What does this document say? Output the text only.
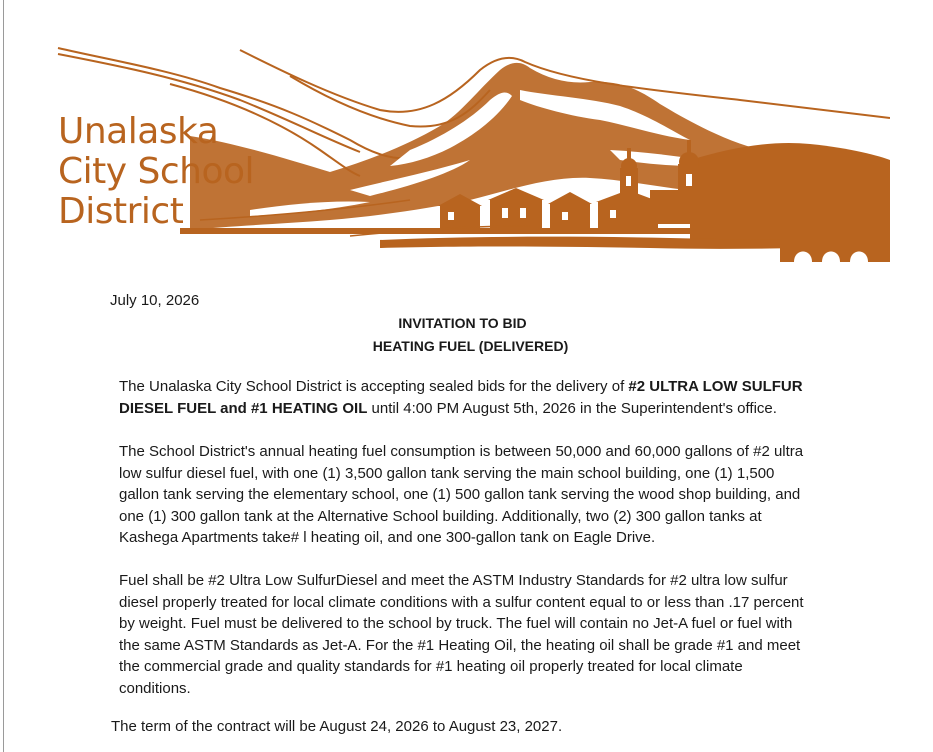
Unalaska
City School
District
July 10, 2026
INVITATION TO BID
HEATING FUEL (DELIVERED)
The Unalaska City School District is accepting sealed bids for the delivery of #2 ULTRA LOW SULFUR DIESEL FUEL and #1 HEATING OIL until 4:00 PM August 5th, 2026 in the Superintendent's office.
The School District's annual heating fuel consumption is between 50,000 and 60,000 gallons of #2 ultra low sulfur diesel fuel, with one (1) 3,500 gallon tank serving the main school building, one (1) 1,500 gallon tank serving the elementary school, one (1) 500 gallon tank serving the wood shop building, and one (1) 300 gallon tank at the Alternative School building. Additionally, two (2) 300 gallon tanks at Kashega Apartments take# l heating oil, and one 300-gallon tank on Eagle Drive.
Fuel shall be #2 Ultra Low SulfurDiesel and meet the ASTM Industry Standards for #2 ultra low sulfur diesel properly treated for local climate conditions with a sulfur content equal to or less than .17 percent by weight. Fuel must be delivered to the school by truck. The fuel will contain no Jet-A fuel or fuel with the same ASTM Standards as Jet-A. For the #1 Heating Oil, the heating oil shall be grade #1 and meet the commercial grade and quality standards for #1 heating oil properly treated for local climate conditions.
The term of the contract will be August 24, 2026 to August 23, 2027.
